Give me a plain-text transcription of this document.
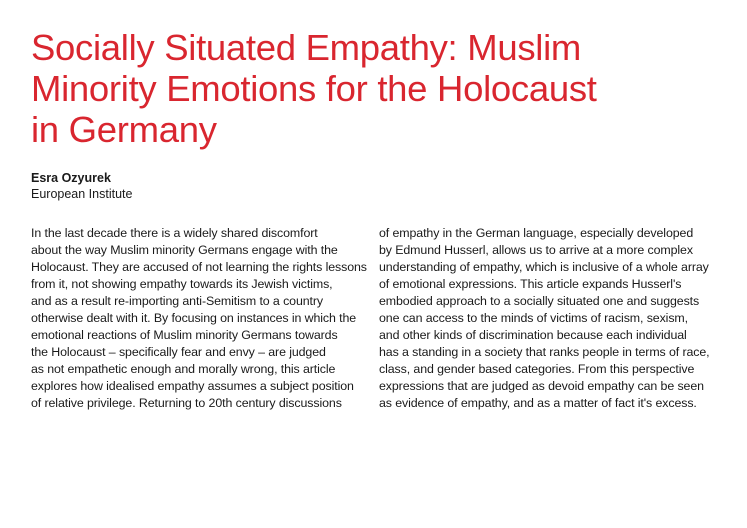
Socially Situated Empathy: Muslim
Minority Emotions for the Holocaust
in Germany
Esra Ozyurek
European Institute
In the last decade there is a widely shared discomfort
about the way Muslim minority Germans engage with the
Holocaust. They are accused of not learning the rights lessons
from it, not showing empathy towards its Jewish victims,
and as a result re-importing anti-Semitism to a country
otherwise dealt with it. By focusing on instances in which the
emotional reactions of Muslim minority Germans towards
the Holocaust – specifically fear and envy – are judged
as not empathetic enough and morally wrong, this article
explores how idealised empathy assumes a subject position
of relative privilege. Returning to 20th century discussions
of empathy in the German language, especially developed
by Edmund Husserl, allows us to arrive at a more complex
understanding of empathy, which is inclusive of a whole array
of emotional expressions. This article expands Husserl's
embodied approach to a socially situated one and suggests
one can access to the minds of victims of racism, sexism,
and other kinds of discrimination because each individual
has a standing in a society that ranks people in terms of race,
class, and gender based categories. From this perspective
expressions that are judged as devoid empathy can be seen
as evidence of empathy, and as a matter of fact it's excess.
